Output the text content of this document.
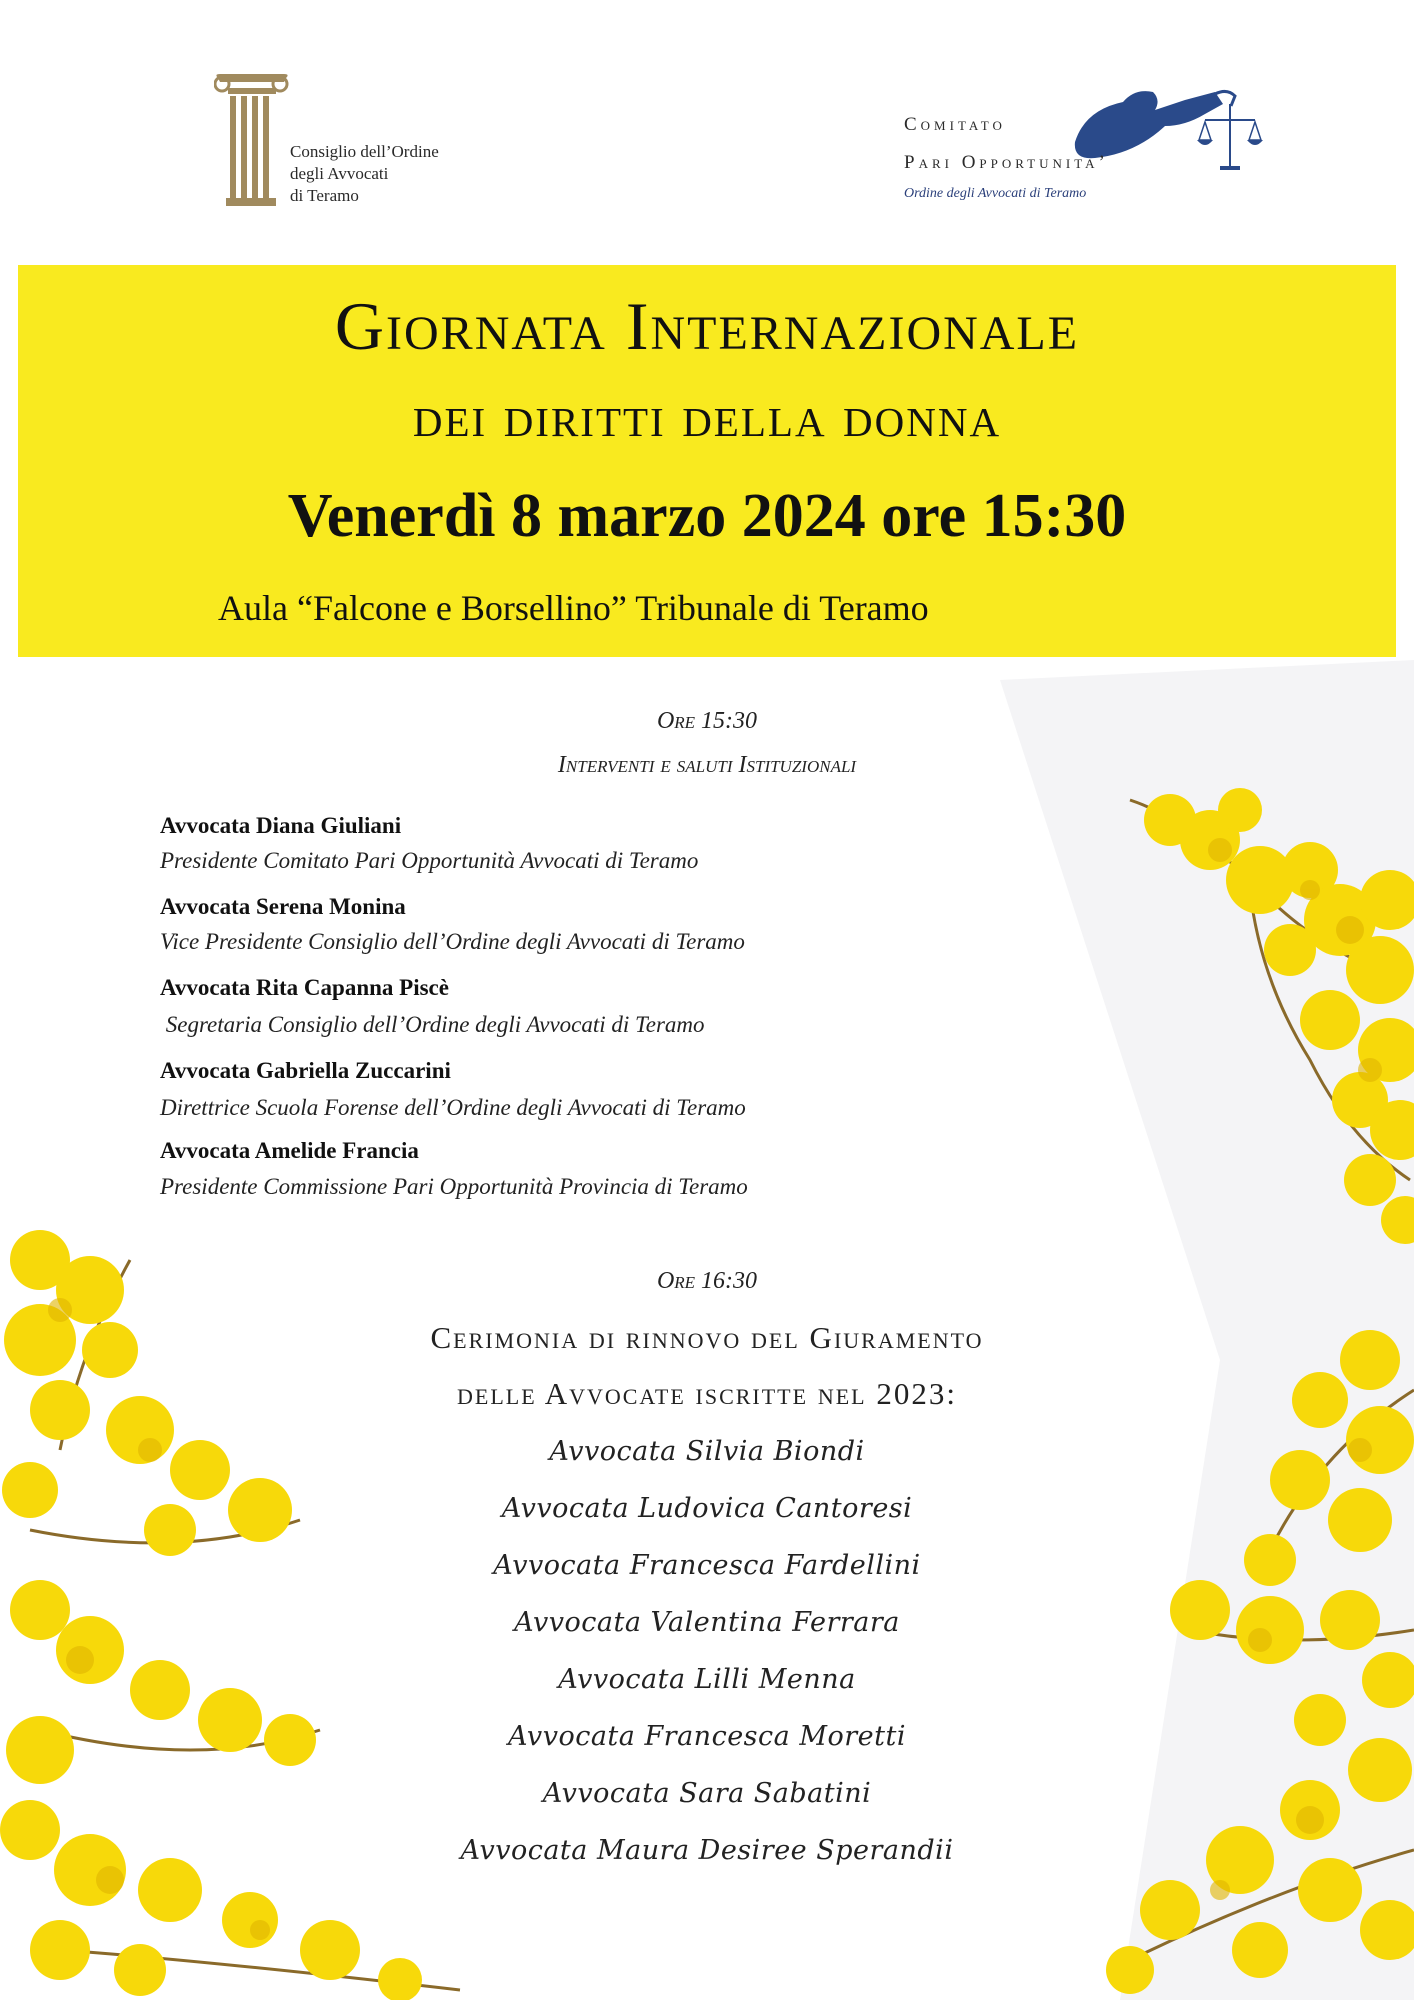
Consiglio dell’Ordine
degli Avvocati
di Teramo
Comitato
Pari Opportunita’
Ordine degli Avvocati di Teramo
Giornata Internazionale
dei diritti della donna
Venerdì 8 marzo 2024 ore 15:30
Aula “Falcone e Borsellino” Tribunale di Teramo
Ore 15:30
Interventi e saluti Istituzionali
Avvocata Diana Giuliani
Presidente Comitato Pari Opportunità Avvocati di Teramo
Avvocata Serena Monina
Vice Presidente Consiglio dell’Ordine degli Avvocati di Teramo
Avvocata Rita Capanna Piscè
Segretaria Consiglio dell’Ordine degli Avvocati di Teramo
Avvocata Gabriella Zuccarini
Direttrice Scuola Forense dell’Ordine degli Avvocati di Teramo
Avvocata Amelide Francia
Presidente Commissione Pari Opportunità Provincia di Teramo
Ore 16:30
Cerimonia di rinnovo del Giuramento
delle Avvocate iscritte nel 2023:
Avvocata Silvia Biondi
Avvocata Ludovica Cantoresi
Avvocata Francesca Fardellini
Avvocata Valentina Ferrara
Avvocata Lilli Menna
Avvocata Francesca Moretti
Avvocata Sara Sabatini
Avvocata Maura Desiree Sperandii
